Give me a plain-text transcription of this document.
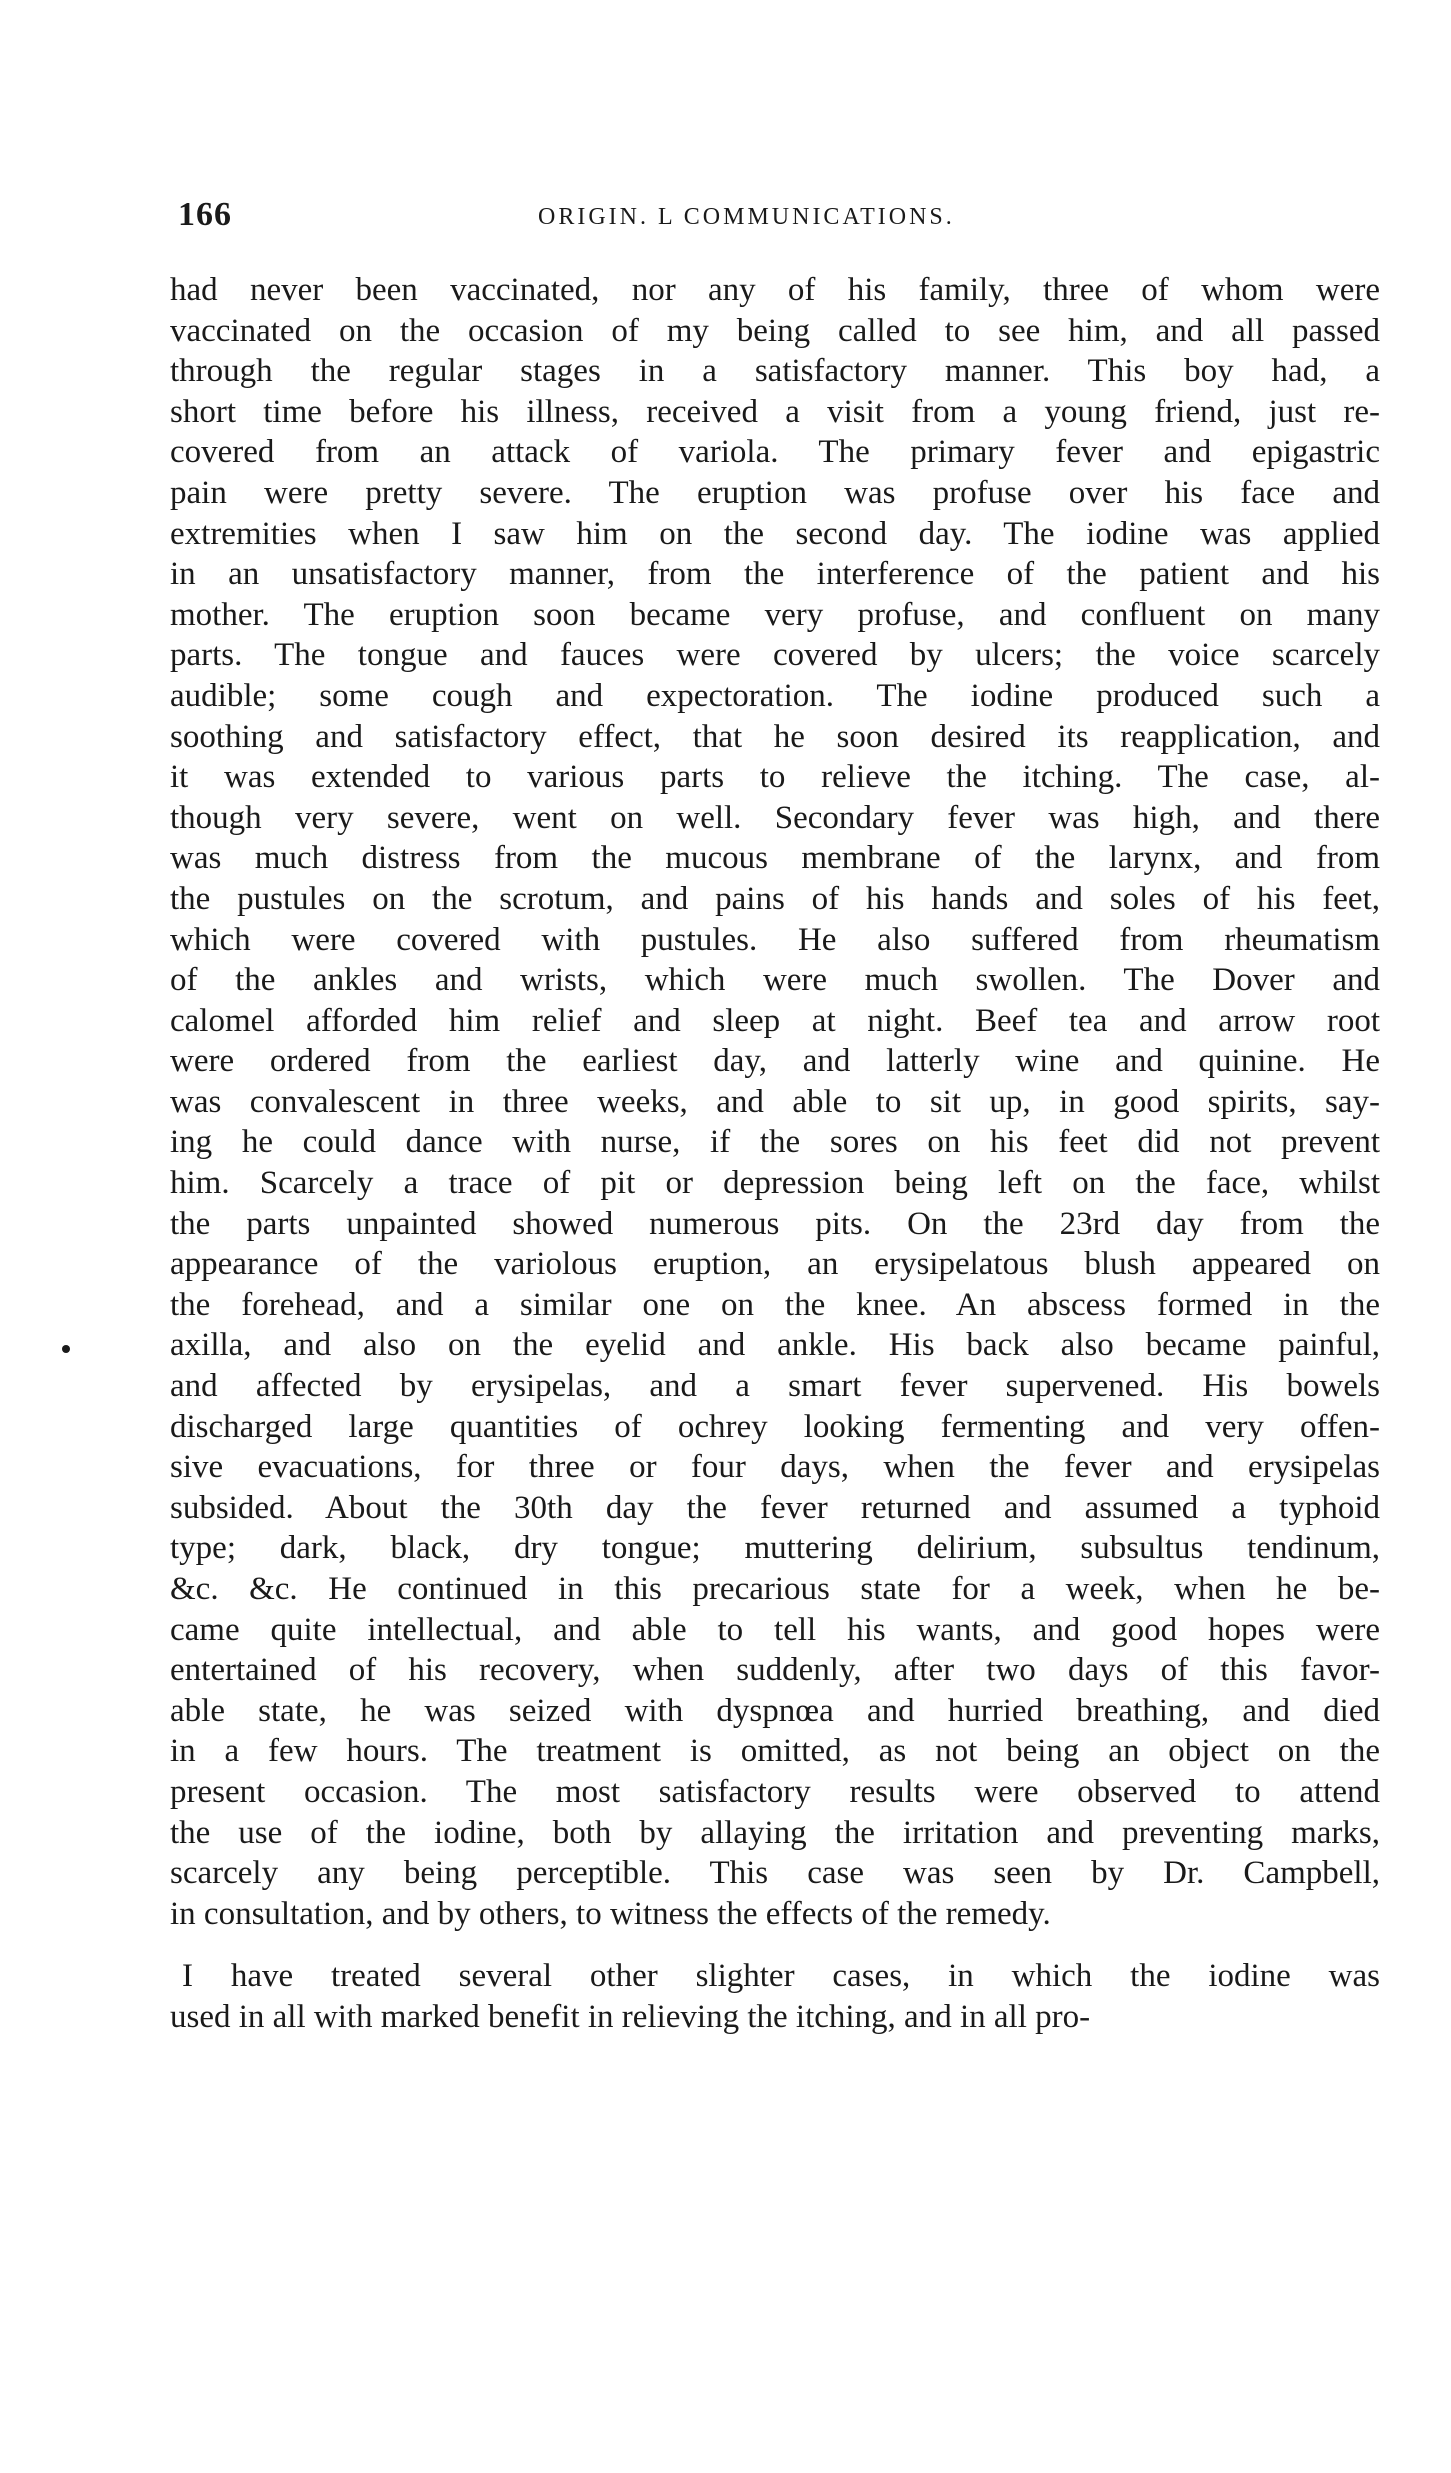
166	ORIGIN. L COMMUNICATIONS.
had never been vaccinated, nor any of his family, three of whom were
vaccinated on the occasion of my being called to see him, and all passed
through the regular stages in a satisfactory manner. This boy had, a
short time before his illness, received a visit from a young friend, just re-
covered from an attack of variola. The primary fever and epigastric
pain were pretty severe. The eruption was profuse over his face and
extremities when I saw him on the second day. The iodine was applied
in an unsatisfactory manner, from the interference of the patient and his
mother. The eruption soon became very profuse, and confluent on many
parts. The tongue and fauces were covered by ulcers; the voice scarcely
audible; some cough and expectoration. The iodine produced such a
soothing and satisfactory effect, that he soon desired its reapplication, and
it was extended to various parts to relieve the itching. The case, al-
though very severe, went on well. Secondary fever was high, and there
was much distress from the mucous membrane of the larynx, and from
the pustules on the scrotum, and pains of his hands and soles of his feet,
which were covered with pustules. He also suffered from rheumatism
of the ankles and wrists, which were much swollen. The Dover and
calomel afforded him relief and sleep at night. Beef tea and arrow root
were ordered from the earliest day, and latterly wine and quinine. He
was convalescent in three weeks, and able to sit up, in good spirits, say-
ing he could dance with nurse, if the sores on his feet did not prevent
him. Scarcely a trace of pit or depression being left on the face, whilst
the parts unpainted showed numerous pits. On the 23rd day from the
appearance of the variolous eruption, an erysipelatous blush appeared on
the forehead, and a similar one on the knee. An abscess formed in the
axilla, and also on the eyelid and ankle. His back also became painful,
and affected by erysipelas, and a smart fever supervened. His bowels
discharged large quantities of ochrey looking fermenting and very offen-
sive evacuations, for three or four days, when the fever and erysipelas
subsided. About the 30th day the fever returned and assumed a typhoid
type; dark, black, dry tongue; muttering delirium, subsultus tendinum,
&c. &c. He continued in this precarious state for a week, when he be-
came quite intellectual, and able to tell his wants, and good hopes were
entertained of his recovery, when suddenly, after two days of this favor-
able state, he was seized with dyspnœa and hurried breathing, and died
in a few hours. The treatment is omitted, as not being an object on the
present occasion. The most satisfactory results were observed to attend
the use of the iodine, both by allaying the irritation and preventing marks,
scarcely any being perceptible. This case was seen by Dr. Campbell,
in consultation, and by others, to witness the effects of the remedy.
I have treated several other slighter cases, in which the iodine was
used in all with marked benefit in relieving the itching, and in all pro-
